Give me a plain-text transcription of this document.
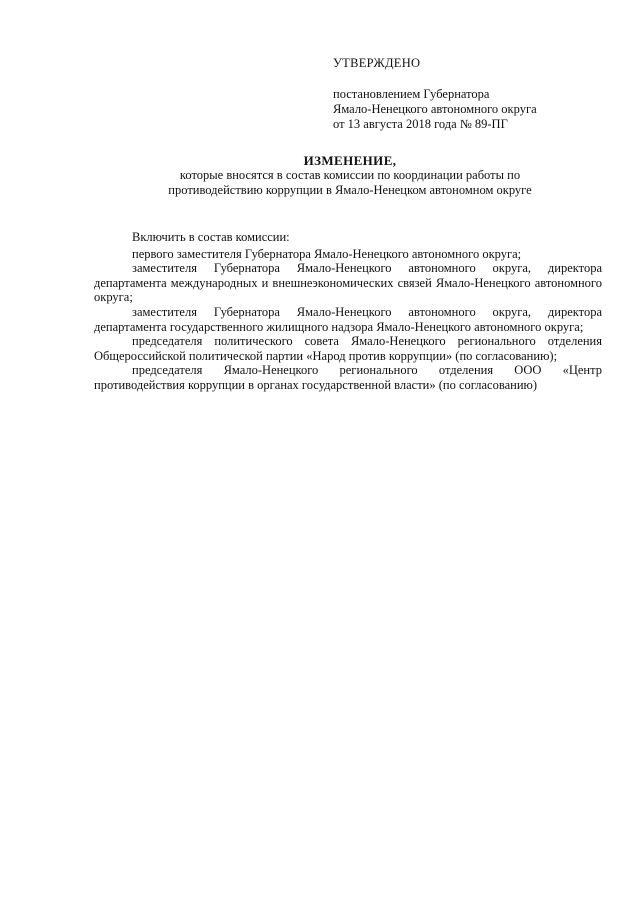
УТВЕРЖДЕНО
постановлением Губернатора
Ямало-Ненецкого автономного округа
от 13 августа 2018 года № 89-ПГ
ИЗМЕНЕНИЕ,
которые вносятся в состав комиссии по координации работы по
противодействию коррупции в Ямало-Ненецком автономном округе
Включить в состав комиссии:
первого заместителя Губернатора Ямало-Ненецкого автономного округа;
заместителя Губернатора Ямало-Ненецкого автономного округа, директора департамента международных и внешнеэкономических связей Ямало-Ненецкого автономного округа;
заместителя Губернатора Ямало-Ненецкого автономного округа, директора департамента государственного жилищного надзора Ямало-Ненецкого автономного округа;
председателя политического совета Ямало-Ненецкого регионального отделения Общероссийской политической партии «Народ против коррупции» (по согласованию);
председателя Ямало-Ненецкого регионального отделения ООО «Центр противодействия коррупции в органах государственной власти» (по согласованию)
